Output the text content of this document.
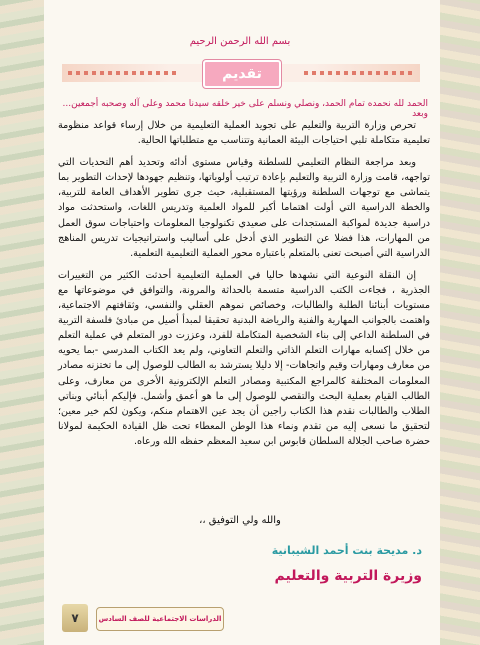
بسم الله الرحمن الرحيم
تقديم
الحمد لله نحمده تمام الحمد، ونصلي ونسلم على خير خلقه سيدنا محمد وعلى آله وصحبه أجمعين... وبعد

تحرص وزارة التربية والتعليم على تجويد العملية التعليمية من خلال إرساء قواعد منظومة تعليمية متكاملة تلبي احتياجات البيئة العمانية وتتناسب مع متطلباتها الحالية.

وبعد مراجعة النظام التعليمي للسلطنة وقياس مستوى أدائه وتحديد أهم التحديات التي تواجهه، قامت وزارة التربية والتعليم بإعادة ترتيب أولوياتها، وتنظيم جهودها لإحداث التطوير بما يتماشى مع توجهات السلطنة ورؤيتها المستقبلية، حيث جرى تطوير الأهداف العامة للتربية، والخطة الدراسية التي أولت اهتماما أكبر للمواد العلمية وتدريس اللغات، واستحدثت مواد دراسية جديدة لمواكبة المستجدات على صعيدي تكنولوجيا المعلومات واحتياجات سوق العمل من المهارات، هذا فضلا عن التطوير الذي أدخل على أساليب واستراتيجيات تدريس المناهج الدراسية التي أصبحت تعنى بالمتعلم باعتباره محور العملية التعليمية التعلمية.

إن النقلة النوعية التي نشهدها حاليا في العملية التعليمية أحدثت الكثير من التغييرات الجذرية ، فجاءت الكتب الدراسية متسمة بالحداثة والمرونة، والتوافق في موضوعاتها مع مستويات أبنائنا الطلبة والطالبات، وخصائص نموهم العقلي والنفسي، وثقافتهم الاجتماعية، واهتمت بالجوانب المهارية والفنية والرياضة البدنية تحقيقا لمبدأ أصيل من مبادئ فلسفة التربية في السلطنة الداعي إلى بناء الشخصية المتكاملة للفرد، وعززت دور المتعلم في عملية التعلم من خلال إكسابه مهارات التعلم الذاتي والتعلم التعاوني، ولم يعد الكتاب المدرسي -بما يحويه من معارف ومهارات وقيم واتجاهات- إلا دليلا يسترشد به الطالب للوصول إلى ما تختزنه مصادر المعلومات المختلفة كالمراجع المكتبية ومصادر التعلم الإلكترونية الأخرى من معارف، وعلى الطالب القيام بعملية البحث والتقصي للوصول إلى ما هو أعمق وأشمل. فإليكم أبنائي وبناتي الطلاب والطالبات نقدم هذا الكتاب راجين أن يجد عين الاهتمام منكم، ويكون لكم خير معين؛ لتحقيق ما نسعى إليه من تقدم ونماء هذا الوطن المعطاء تحت ظل القيادة الحكيمة لمولانا حضرة صاحب الجلالة السلطان قابوس ابن سعيد المعظم حفظه الله ورعاه.

والله ولي التوفيق ،،
د. مديحة بنت أحمد الشيبانية
وزيرة التربية والتعليم
الدراسات الاجتماعية للصف السادس
٧
